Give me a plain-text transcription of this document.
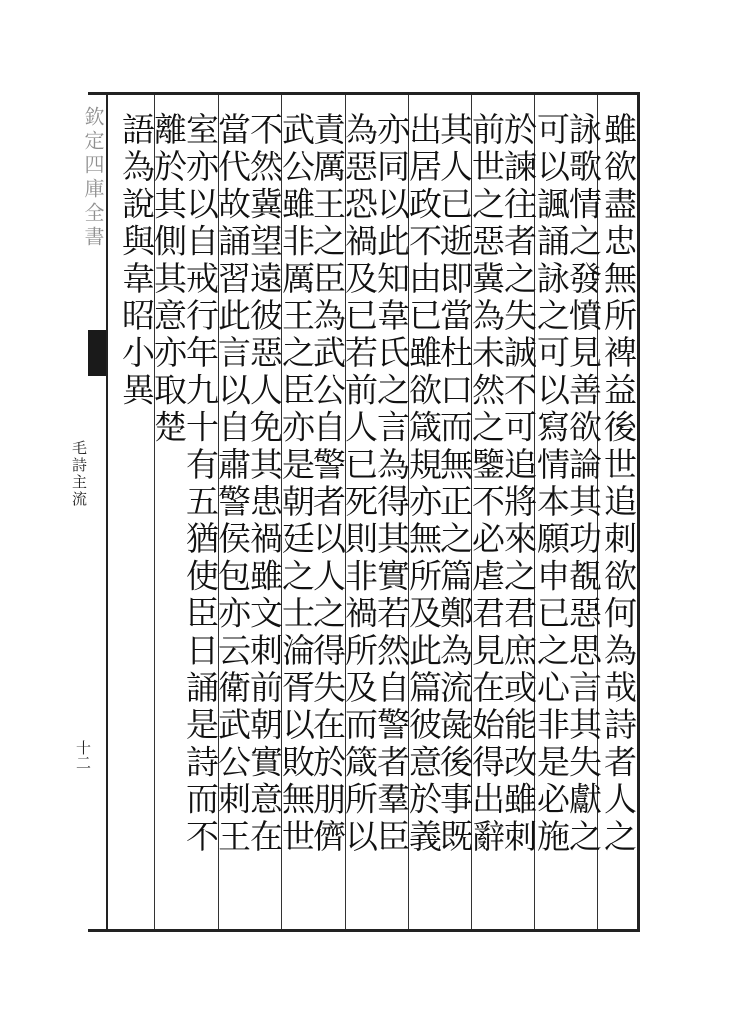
欽定四庫全書
毛詩主流
十二	雖欲盡忠無所裨益後世追刺欲何為哉詩者人之
詠歌情之發憤見善欲論其功覩惡思言其失獻之
可以諷誦詠之可以寫情本願申已之心非是必施
於諫往者之失誠不可追將來之君庶或能改雖刺
前世之惡冀為未然之鑒不必虐君見在始得出辭
其人已逝即當杜口而無正之篇鄭為流彘後事既
出居政不由已雖欲箴規亦無所及此篇彼意於義
亦同以此知韋氏之言為得其實若然自警者羣臣
為惡恐禍及已若前人已死則非禍所及而箴所以
責厲王之臣為武公自警者以人之得失在於朋儕
武公雖非厲王之臣亦是朝廷之士淪胥以敗無世
不然冀望遠彼惡人免其患禍雖文刺前朝實意在
當代故誦習此言以自肅警侯包亦云衛武公刺王
室亦以自戒行年九十有五猶使臣日誦是詩而不
離於其側其意亦取楚
語為說與韋昭小異
